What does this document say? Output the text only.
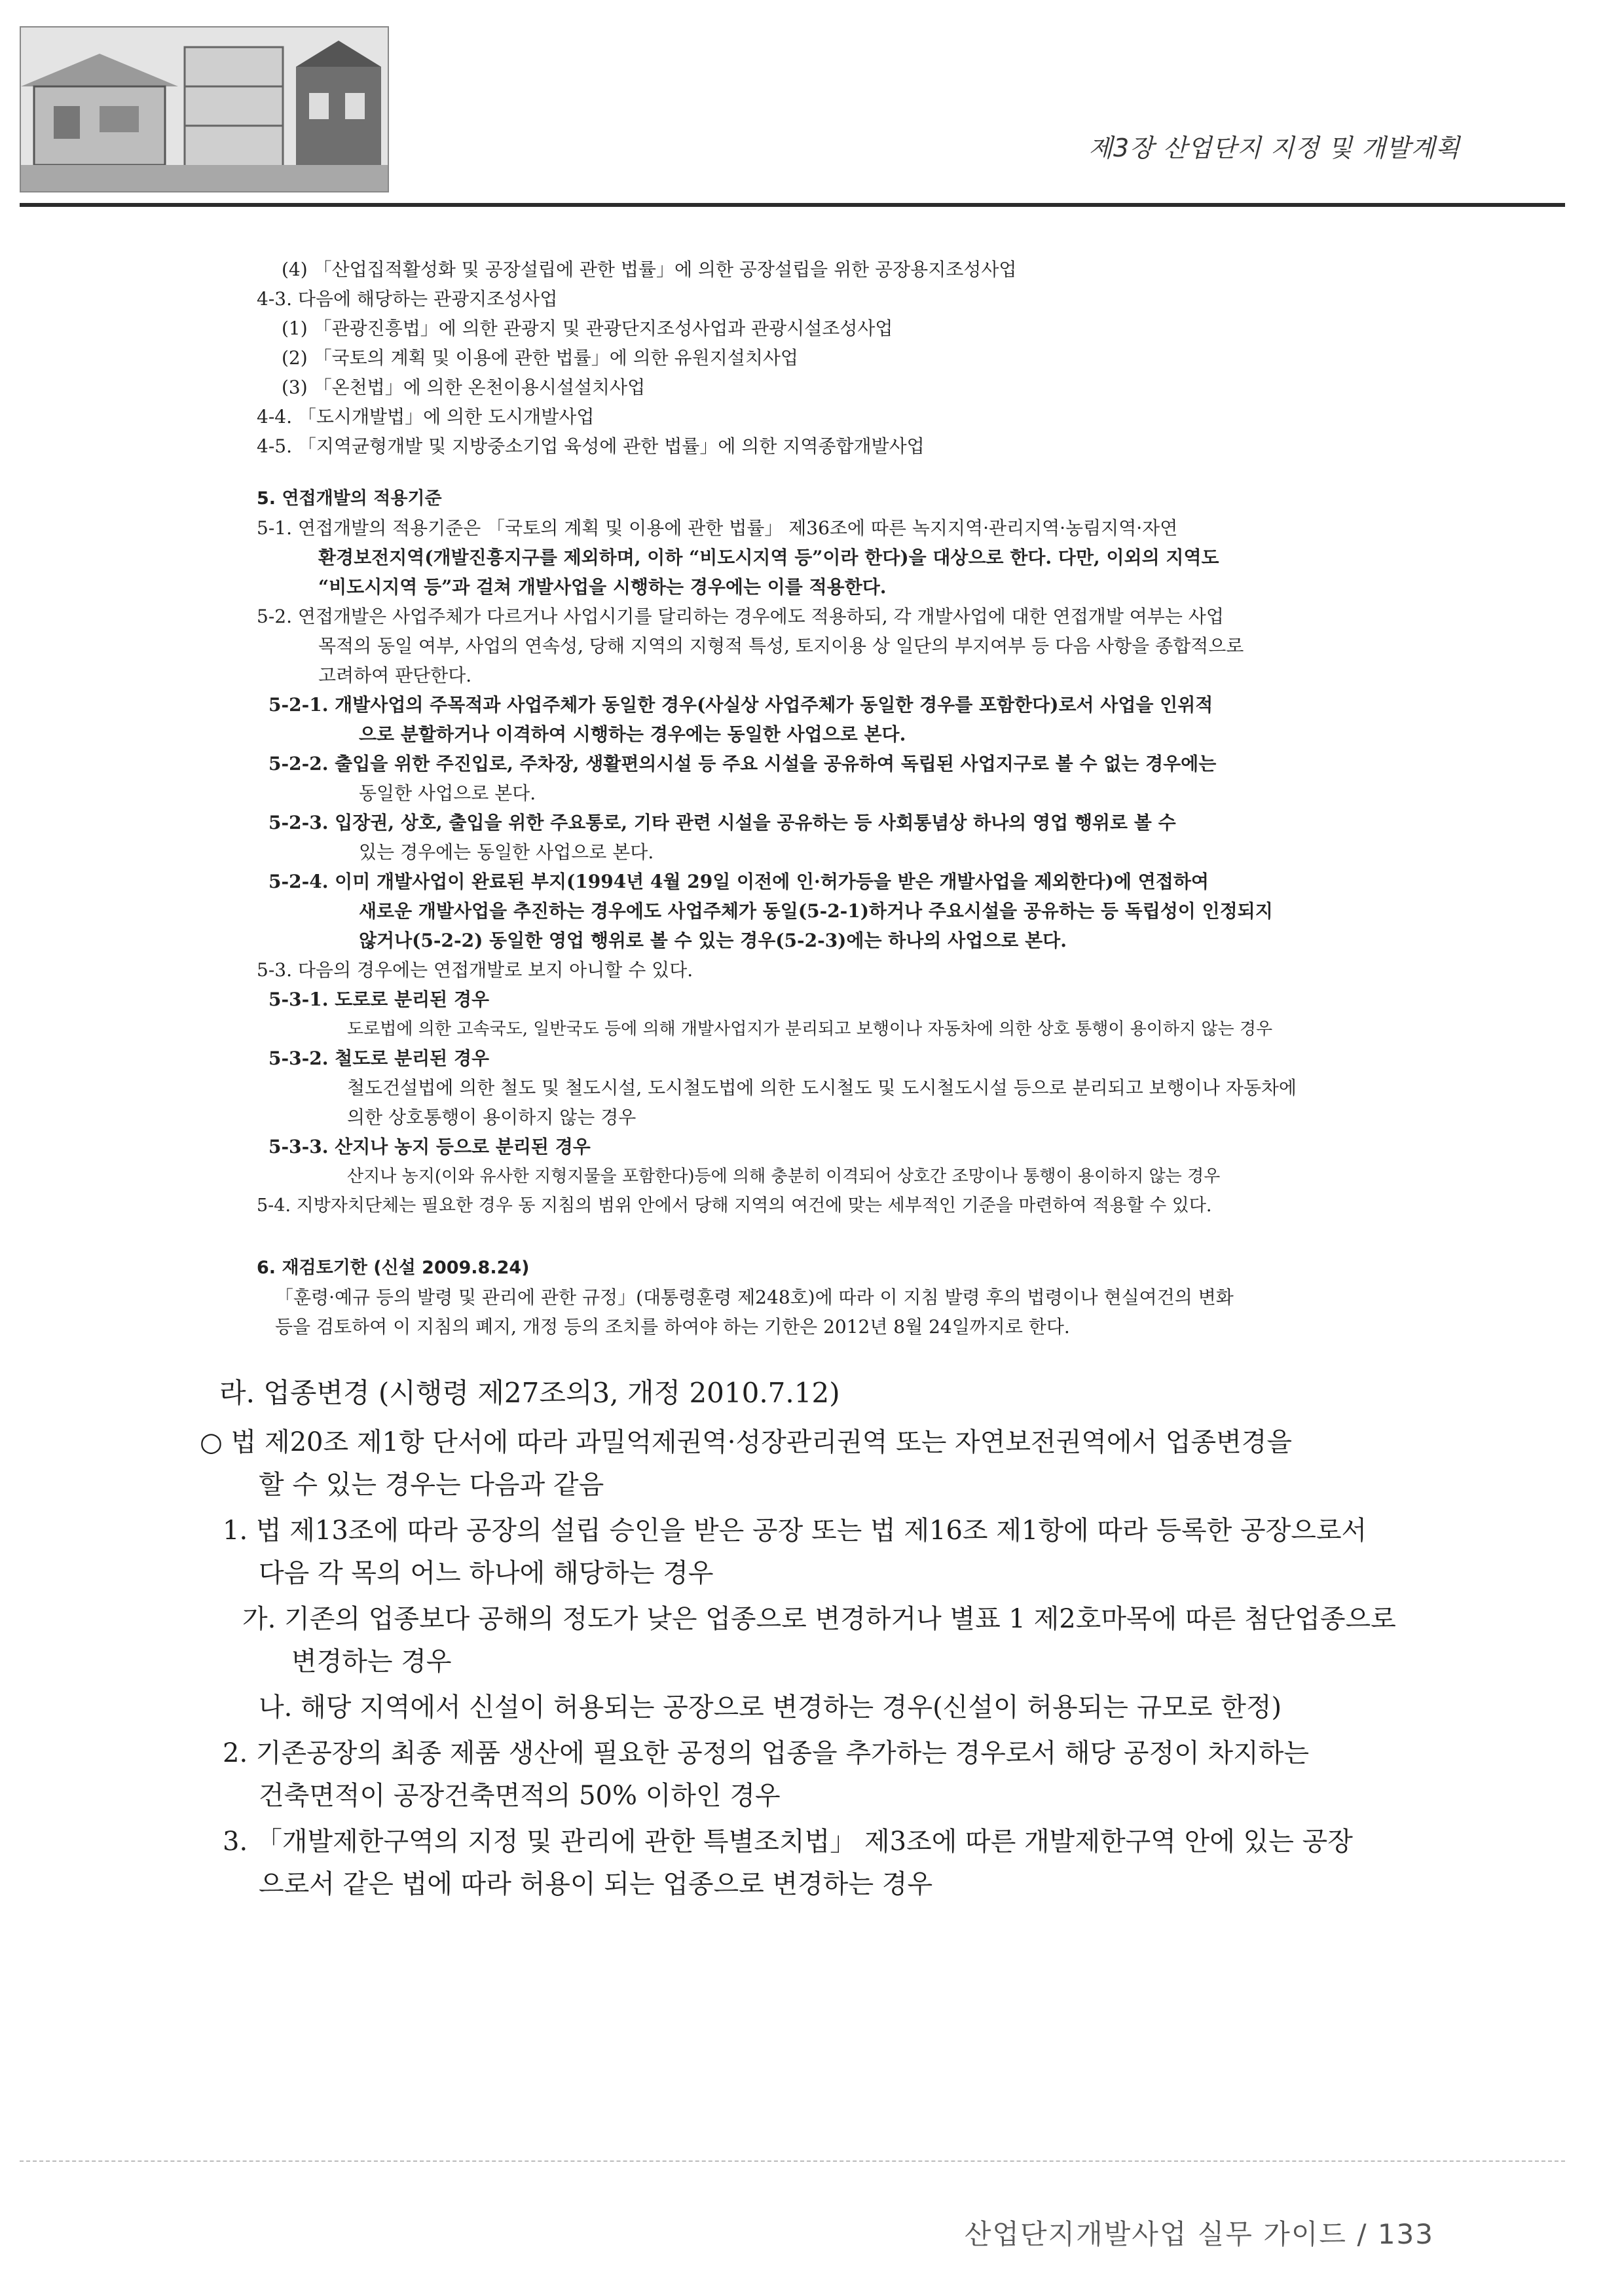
제3장 산업단지 지정 및 개발계획
(4) 「산업집적활성화 및 공장설립에 관한 법률」에 의한 공장설립을 위한 공장용지조성사업
4-3. 다음에 해당하는 관광지조성사업
(1) 「관광진흥법」에 의한 관광지 및 관광단지조성사업과 관광시설조성사업
(2) 「국토의 계획 및 이용에 관한 법률」에 의한 유원지설치사업
(3) 「온천법」에 의한 온천이용시설설치사업
4-4. 「도시개발법」에 의한 도시개발사업
4-5. 「지역균형개발 및 지방중소기업 육성에 관한 법률」에 의한 지역종합개발사업
5. 연접개발의 적용기준
5-1. 연접개발의 적용기준은 「국토의 계획 및 이용에 관한 법률」 제36조에 따른 녹지지역·관리지역·농림지역·자연
환경보전지역(개발진흥지구를 제외하며, 이하 “비도시지역 등”이라 한다)을 대상으로 한다. 다만, 이외의 지역도
“비도시지역 등”과 걸쳐 개발사업을 시행하는 경우에는 이를 적용한다.
5-2. 연접개발은 사업주체가 다르거나 사업시기를 달리하는 경우에도 적용하되, 각 개발사업에 대한 연접개발 여부는 사업
목적의 동일 여부, 사업의 연속성, 당해 지역의 지형적 특성, 토지이용 상 일단의 부지여부 등 다음 사항을 종합적으로
고려하여 판단한다.
5-2-1. 개발사업의 주목적과 사업주체가 동일한 경우(사실상 사업주체가 동일한 경우를 포함한다)로서 사업을 인위적
으로 분할하거나 이격하여 시행하는 경우에는 동일한 사업으로 본다.
5-2-2. 출입을 위한 주진입로, 주차장, 생활편의시설 등 주요 시설을 공유하여 독립된 사업지구로 볼 수 없는 경우에는
동일한 사업으로 본다.
5-2-3. 입장권, 상호, 출입을 위한 주요통로, 기타 관련 시설을 공유하는 등 사회통념상 하나의 영업 행위로 볼 수
있는 경우에는 동일한 사업으로 본다.
5-2-4. 이미 개발사업이 완료된 부지(1994년 4월 29일 이전에 인·허가등을 받은 개발사업을 제외한다)에 연접하여
새로운 개발사업을 추진하는 경우에도 사업주체가 동일(5-2-1)하거나 주요시설을 공유하는 등 독립성이 인정되지
않거나(5-2-2) 동일한 영업 행위로 볼 수 있는 경우(5-2-3)에는 하나의 사업으로 본다.
5-3. 다음의 경우에는 연접개발로 보지 아니할 수 있다.
5-3-1. 도로로 분리된 경우
도로법에 의한 고속국도, 일반국도 등에 의해 개발사업지가 분리되고 보행이나 자동차에 의한 상호 통행이 용이하지 않는 경우
5-3-2. 철도로 분리된 경우
철도건설법에 의한 철도 및 철도시설, 도시철도법에 의한 도시철도 및 도시철도시설 등으로 분리되고 보행이나 자동차에
의한 상호통행이 용이하지 않는 경우
5-3-3. 산지나 농지 등으로 분리된 경우
산지나 농지(이와 유사한 지형지물을 포함한다)등에 의해 충분히 이격되어 상호간 조망이나 통행이 용이하지 않는 경우
5-4. 지방자치단체는 필요한 경우 동 지침의 범위 안에서 당해 지역의 여건에 맞는 세부적인 기준을 마련하여 적용할 수 있다.
6. 재검토기한 (신설 2009.8.24)
「훈령·예규 등의 발령 및 관리에 관한 규정」(대통령훈령 제248호)에 따라 이 지침 발령 후의 법령이나 현실여건의 변화
등을 검토하여 이 지침의 폐지, 개정 등의 조치를 하여야 하는 기한은 2012년 8월 24일까지로 한다.
라. 업종변경 (시행령 제27조의3, 개정 2010.7.12)
○ 법 제20조 제1항 단서에 따라 과밀억제권역·성장관리권역 또는 자연보전권역에서 업종변경을
할 수 있는 경우는 다음과 같음
1. 법 제13조에 따라 공장의 설립 승인을 받은 공장 또는 법 제16조 제1항에 따라 등록한 공장으로서
다음 각 목의 어느 하나에 해당하는 경우
가. 기존의 업종보다 공해의 정도가 낮은 업종으로 변경하거나 별표 1 제2호마목에 따른 첨단업종으로
변경하는 경우
나. 해당 지역에서 신설이 허용되는 공장으로 변경하는 경우(신설이 허용되는 규모로 한정)
2. 기존공장의 최종 제품 생산에 필요한 공정의 업종을 추가하는 경우로서 해당 공정이 차지하는
건축면적이 공장건축면적의 50% 이하인 경우
3. 「개발제한구역의 지정 및 관리에 관한 특별조치법」 제3조에 따른 개발제한구역 안에 있는 공장
으로서 같은 법에 따라 허용이 되는 업종으로 변경하는 경우
산업단지개발사업 실무 가이드 / 133
